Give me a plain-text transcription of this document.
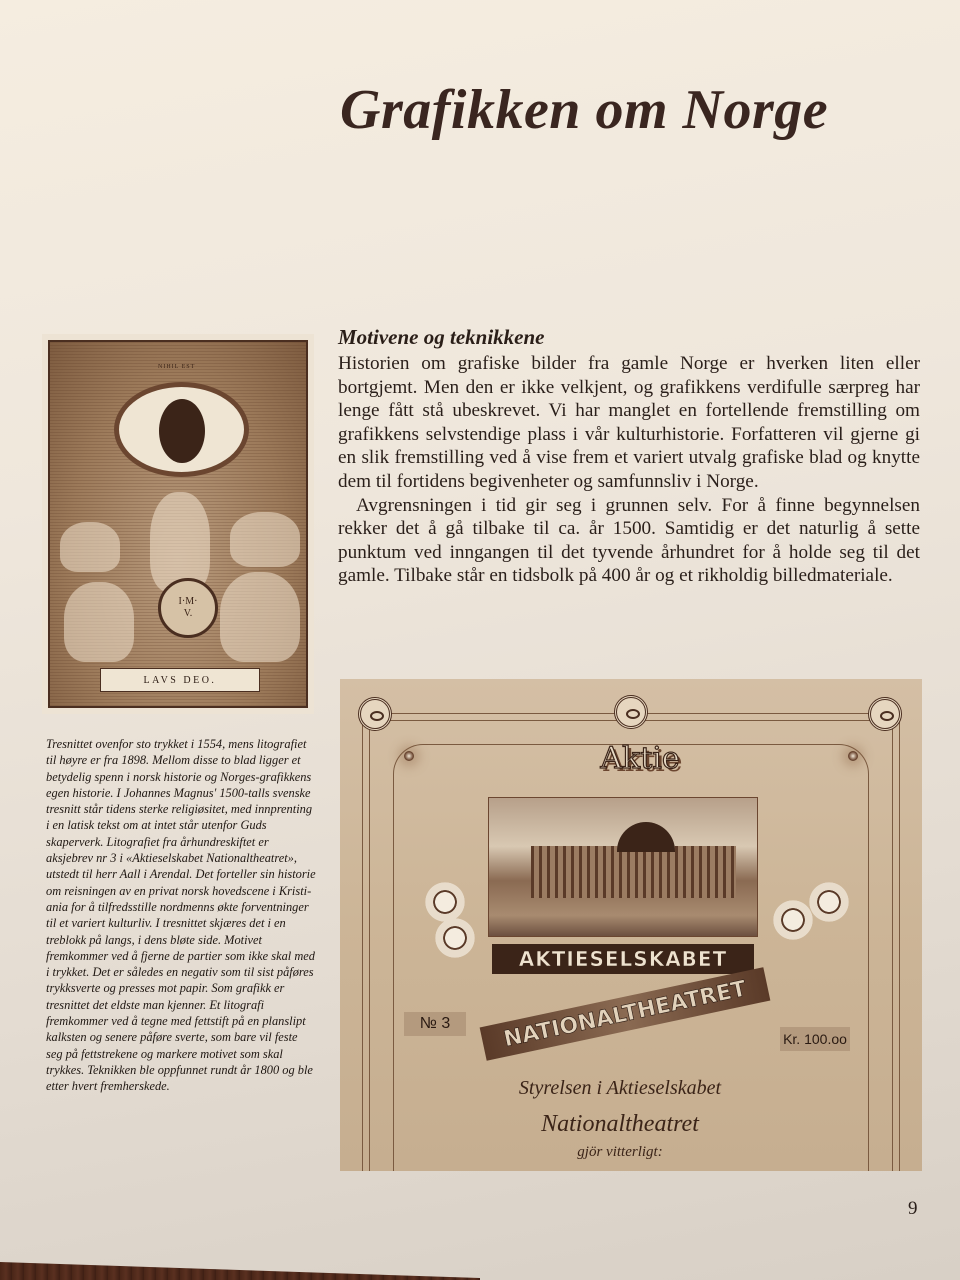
Grafikken om Norge
NIHIL EST
I·M·
V.
LAVS DEO.

Tresnittet ovenfor sto trykket i 1554, mens litografiet til høyre er fra 1898. Mellom disse to blad ligger et betydelig spenn i norsk historie og Norges-grafikkens egen historie. I Johannes Magnus' 1500-talls svenske tresnitt står tidens sterke religiøsitet, med innprenting i en latisk tekst om at intet står utenfor Guds skaperverk. Litografiet fra århundreskiftet er aksjebrev nr 3 i «Aktieselskabet Nationaltheatret», utstedt til herr Aall i Arendal. Det forteller sin historie om reisningen av en privat norsk hovedscene i Kristiania for å tilfredsstille nordmenns økte forventninger til et variert kulturliv. I tresnittet skjæres det i en treblokk på langs, i dens bløte side. Motivet fremkommer ved å fjerne de partier som ikke skal med i trykket. Det er således en negativ som til sist påføres trykksverte og presses mot papir. Som grafikk er tresnittet det eldste man kjenner. Et litografi fremkommer ved å tegne med fettstift på en planslipt kalksten og senere påføre sverte, som bare vil feste seg på fettstrekene og markere motivet som skal trykkes. Teknikken ble oppfunnet rundt år 1800 og ble etter hvert fremherskede.

Motivene og teknikkene

Historien om grafiske bilder fra gamle Norge er hverken liten eller bortgjemt. Men den er ikke velkjent, og grafikkens verdifulle særpreg har lenge fått stå ubeskrevet. Vi har manglet en fortellende fremstilling om grafikkens selvstendige plass i vår kulturhistorie. Forfatteren vil gjerne gi en slik fremstilling ved å vise frem et variert utvalg grafiske blad og knytte dem til fortidens begivenheter og samfunnsliv i Norge.

Avgrensningen i tid gir seg i grunnen selv. For å finne begynnelsen rekker det å gå tilbake til ca. år 1500. Samtidig er det naturlig å sette punktum ved inngangen til det tyvende århundret for å holde seg til det gamle. Tilbake står en tidsbolk på 400 år og et rikholdig billedmateriale.

Aktie
AKTIESELSKABET
NATIONALTHEATRET
№ 3
Kr. 100.oo
Styrelsen i Aktieselskabet
Nationaltheatret
gjör vitterligt:
9
